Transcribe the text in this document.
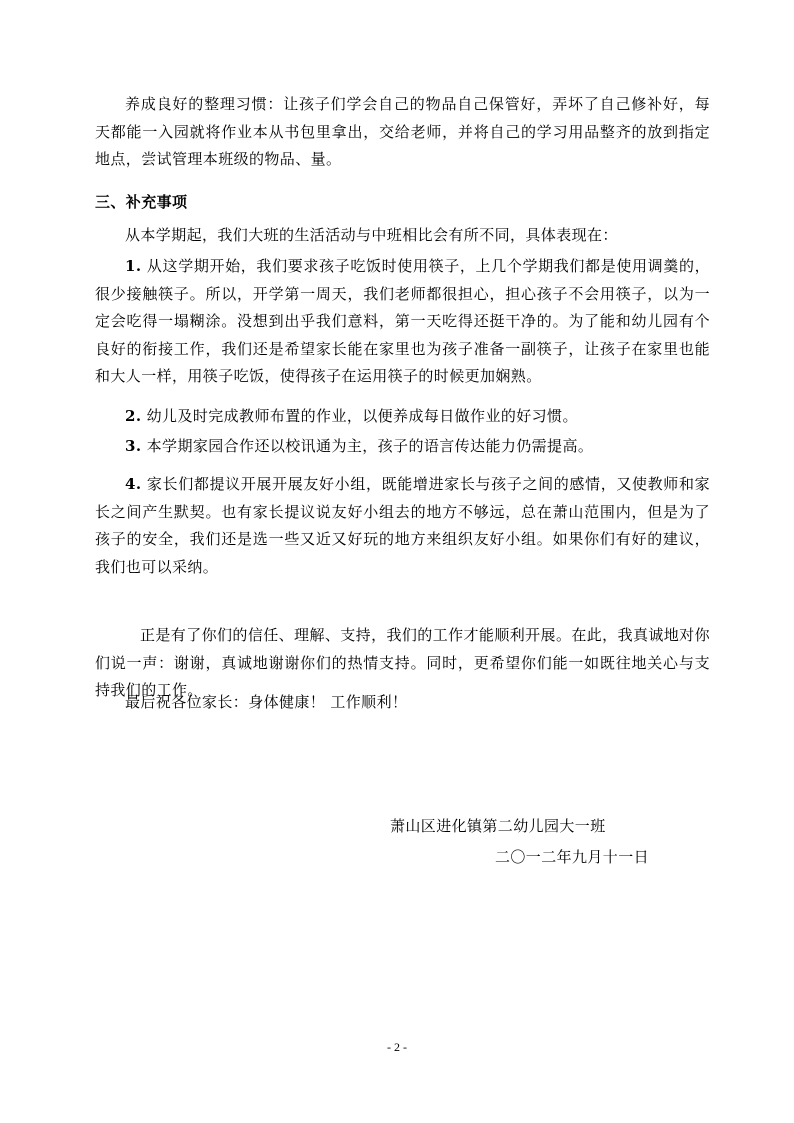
养成良好的整理习惯：让孩子们学会自己的物品自己保管好，弄坏了自己修补好，每天都能一入园就将作业本从书包里拿出，交给老师，并将自己的学习用品整齐的放到指定地点，尝试管理本班级的物品、量。
三、补充事项
从本学期起，我们大班的生活活动与中班相比会有所不同，具体表现在：
1. 从这学期开始，我们要求孩子吃饭时使用筷子，上几个学期我们都是使用调羹的，很少接触筷子。所以，开学第一周天，我们老师都很担心，担心孩子不会用筷子，以为一定会吃得一塌糊涂。没想到出乎我们意料，第一天吃得还挺干净的。为了能和幼儿园有个良好的衔接工作，我们还是希望家长能在家里也为孩子准备一副筷子，让孩子在家里也能和大人一样，用筷子吃饭，使得孩子在运用筷子的时候更加娴熟。
2. 幼儿及时完成教师布置的作业，以便养成每日做作业的好习惯。
3. 本学期家园合作还以校讯通为主，孩子的语言传达能力仍需提高。
4. 家长们都提议开展开展友好小组，既能增进家长与孩子之间的感情，又使教师和家长之间产生默契。也有家长提议说友好小组去的地方不够远，总在萧山范围内，但是为了孩子的安全，我们还是选一些又近又好玩的地方来组织友好小组。如果你们有好的建议，我们也可以采纳。
正是有了你们的信任、理解、支持，我们的工作才能顺利开展。在此，我真诚地对你们说一声：谢谢，真诚地谢谢你们的热情支持。同时，更希望你们能一如既往地关心与支持我们的工作。
最后祝各位家长：身体健康！ 工作顺利！
萧山区进化镇第二幼儿园大一班
二〇一二年九月十一日
- 2 -
